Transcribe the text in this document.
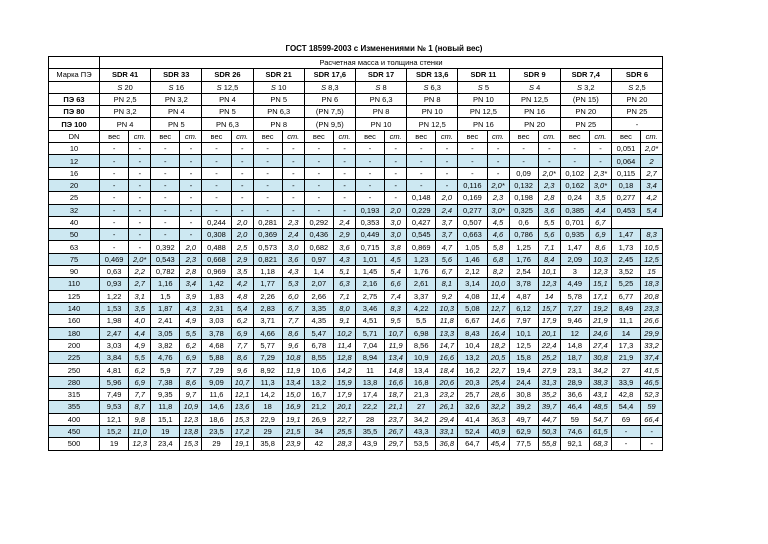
ГОСТ 18599-2003 с Изменениями № 1 (новый вес)
	Расчетная масса и толщина стенки																					
Марка ПЭ	SDR 41		SDR 33		SDR 26		SDR 21		SDR 17,6		SDR 17		SDR 13,6		SDR 11		SDR 9		SDR 7,4		SDR 6	
	S 20		S 16		S 12,5		S 10		S 8,3		S 8		S 6,3		S 5		S 4		S 3,2		S 2,5	
ПЭ 63	PN 2,5		PN 3,2		PN 4		PN 5		PN 6		PN 6,3		PN 8		PN 10		PN 12,5		(PN 15)		PN 20	
ПЭ 80	PN 3,2		PN 4		PN 5		PN 6,3		(PN 7,5)		PN 8		PN 10		PN 12,5		PN 16		PN 20		PN 25	
ПЭ 100	PN 4		PN 5		PN 6,3		PN 8		(PN 9,5)		PN 10		PN 12,5		PN 16		PN 20		PN 25		-	
DN	вес	ст.	вес	ст.	вес	ст.	вес	ст.	вес	ст.	вес	ст.	вес	ст.	вес	ст.	вес	ст.	вес	ст.	вес	ст.
10	-	-	-	-	-	-	-	-	-	-	-	-	-	-	-	-	-	-	-	-	0,051	2,0*
12	-	-	-	-	-	-	-	-	-	-	-	-	-	-	-	-	-	-	-	-	0,064	2
16	-	-	-	-	-	-	-	-	-	-	-	-	-	-	-	-	0,09	2,0*	0,102	2,3*	0,115	2,7
20	-	-	-	-	-	-	-	-	-	-	-	-	-	-	0,116	2,0*	0,132	2,3	0,162	3,0*	0,18	3,4
25	-	-	-	-	-	-	-	-	-	-	-	-	0,148	2,0	0,169	2,3	0,198	2,8	0,24	3,5	0,277	4,2
32	-	-	-	-	-	-	-	-	-	-	0,193	2,0	0,229	2,4	0,277	3,0*	0,325	3,6	0,385	4,4	0,453	5,4
40	-	-	-	-	0,244	2,0	0,281	2,3	0,292	2,4	0,353	3,0	0,427	3,7	0,507	4,5	0,6	5,5	0,701	6,7		
50	-	-	-	-	0,308	2,0	0,369	2,4	0,436	2,9	0,449	3,0	0,545	3,7	0,663	4,6	0,786	5,6	0,935	6,9	1,47	8,3
63	-	-	0,392	2,0	0,488	2,5	0,573	3,0	0,682	3,6	0,715	3,8	0,869	4,7	1,05	5,8	1,25	7,1	1,47	8,6	1,73	10,5
75	0,469	2,0*	0,543	2,3	0,668	2,9	0,821	3,6	0,97	4,3	1,01	4,5	1,23	5,6	1,46	6,8	1,76	8,4	2,09	10,3	2,45	12,5
90	0,63	2,2	0,782	2,8	0,969	3,5	1,18	4,3	1,4	5,1	1,45	5,4	1,76	6,7	2,12	8,2	2,54	10,1	3	12,3	3,52	15
110	0,93	2,7	1,16	3,4	1,42	4,2	1,77	5,3	2,07	6,3	2,16	6,6	2,61	8,1	3,14	10,0	3,78	12,3	4,49	15,1	5,25	18,3
125	1,22	3,1	1,5	3,9	1,83	4,8	2,26	6,0	2,66	7,1	2,75	7,4	3,37	9,2	4,08	11,4	4,87	14	5,78	17,1	6,77	20,8
140	1,53	3,5	1,87	4,3	2,31	5,4	2,83	6,7	3,35	8,0	3,46	8,3	4,22	10,3	5,08	12,7	6,12	15,7	7,27	19,2	8,49	23,3
160	1,98	4,0	2,41	4,9	3,03	6,2	3,71	7,7	4,35	9,1	4,51	9,5	5,5	11,8	6,67	14,6	7,97	17,9	9,46	21,9	11,1	26,6
180	2,47	4,4	3,05	5,5	3,78	6,9	4,66	8,6	5,47	10,2	5,71	10,7	6,98	13,3	8,43	16,4	10,1	20,1	12	24,6	14	29,9
200	3,03	4,9	3,82	6,2	4,68	7,7	5,77	9,6	6,78	11,4	7,04	11,9	8,56	14,7	10,4	18,2	12,5	22,4	14,8	27,4	17,3	33,2
225	3,84	5,5	4,76	6,9	5,88	8,6	7,29	10,8	8,55	12,8	8,94	13,4	10,9	16,6	13,2	20,5	15,8	25,2	18,7	30,8	21,9	37,4
250	4,81	6,2	5,9	7,7	7,29	9,6	8,92	11,9	10,6	14,2	11	14,8	13,4	18,4	16,2	22,7	19,4	27,9	23,1	34,2	27	41,5
280	5,96	6,9	7,38	8,6	9,09	10,7	11,3	13,4	13,2	15,9	13,8	16,6	16,8	20,6	20,3	25,4	24,4	31,3	28,9	38,3	33,9	46,5
315	7,49	7,7	9,35	9,7	11,6	12,1	14,2	15,0	16,7	17,9	17,4	18,7	21,3	23,2	25,7	28,6	30,8	35,2	36,6	43,1	42,8	52,3
355	9,53	8,7	11,8	10,9	14,6	13,6	18	16,9	21,2	20,1	22,2	21,1	27	26,1	32,6	32,2	39,2	39,7	46,4	48,5	54,4	59
400	12,1	9,8	15,1	12,3	18,6	15,3	22,9	19,1	26,9	22,7	28	23,7	34,2	29,4	41,4	36,3	49,7	44,7	59	54,7	69	66,4
450	15,2	11,0	19	13,8	23,5	17,2	29	21,5	34	25,5	35,5	26,7	43,3	33,1	52,4	40,9	62,9	50,3	74,6	61,5	-	-
500	19	12,3	23,4	15,3	29	19,1	35,8	23,9	42	28,3	43,9	29,7	53,5	36,8	64,7	45,4	77,5	55,8	92,1	68,3	-	-
